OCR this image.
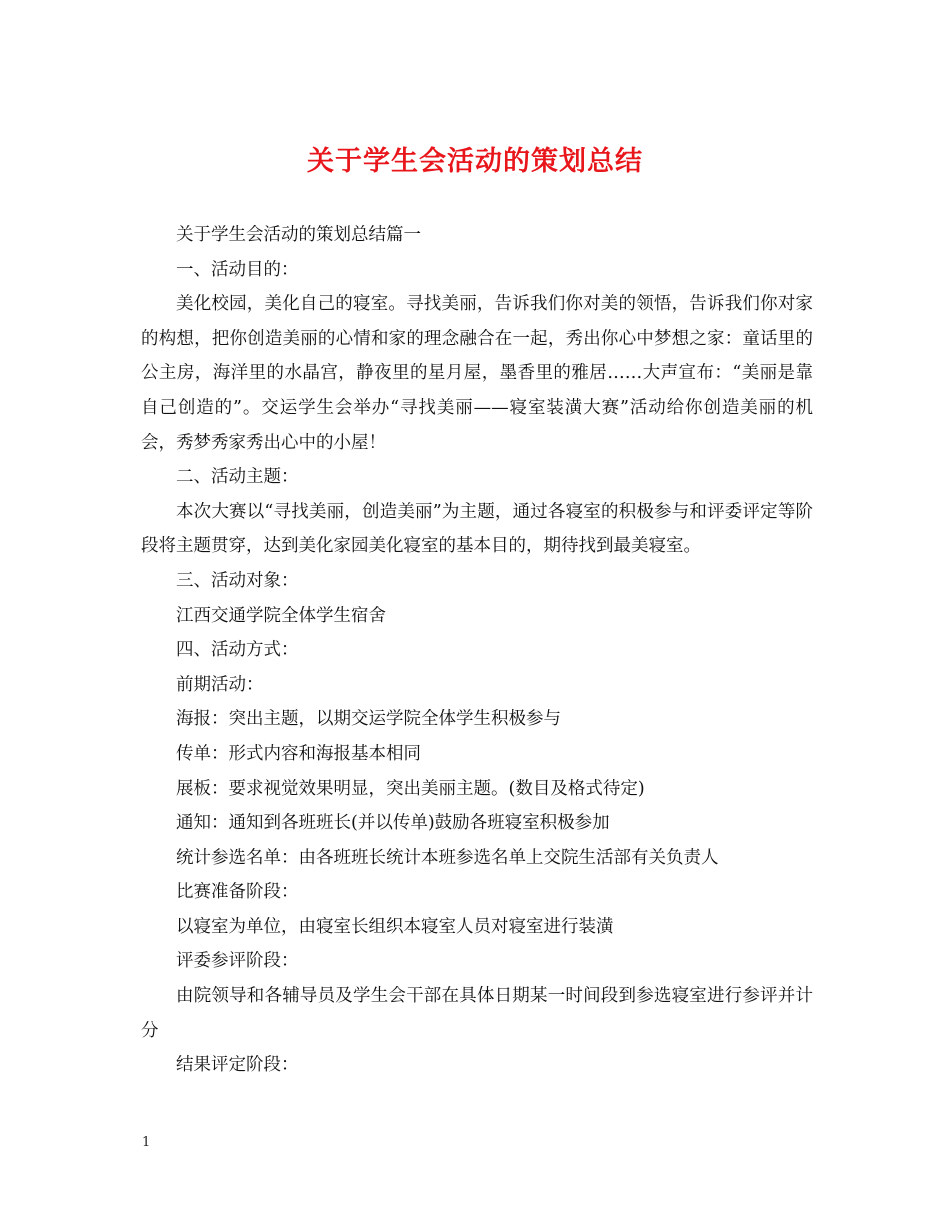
关于学生会活动的策划总结

关于学生会活动的策划总结篇一

一、活动目的：

美化校园，美化自己的寝室。寻找美丽，告诉我们你对美的领悟，告诉我们你对家的构想，把你创造美丽的心情和家的理念融合在一起，秀出你心中梦想之家：童话里的公主房，海洋里的水晶宫，静夜里的星月屋，墨香里的雅居……大声宣布：“美丽是靠自己创造的”。交运学生会举办“寻找美丽——寝室装潢大赛”活动给你创造美丽的机会，秀梦秀家秀出心中的小屋！

二、活动主题：

本次大赛以“寻找美丽，创造美丽”为主题，通过各寝室的积极参与和评委评定等阶段将主题贯穿，达到美化家园美化寝室的基本目的，期待找到最美寝室。

三、活动对象：

江西交通学院全体学生宿舍

四、活动方式：

前期活动：

海报：突出主题，以期交运学院全体学生积极参与

传单：形式内容和海报基本相同

展板：要求视觉效果明显，突出美丽主题。(数目及格式待定)

通知：通知到各班班长(并以传单)鼓励各班寝室积极参加

统计参选名单：由各班班长统计本班参选名单上交院生活部有关负责人

比赛准备阶段：

以寝室为单位，由寝室长组织本寝室人员对寝室进行装潢

评委参评阶段：

由院领导和各辅导员及学生会干部在具体日期某一时间段到参选寝室进行参评并计分

结果评定阶段：

1
